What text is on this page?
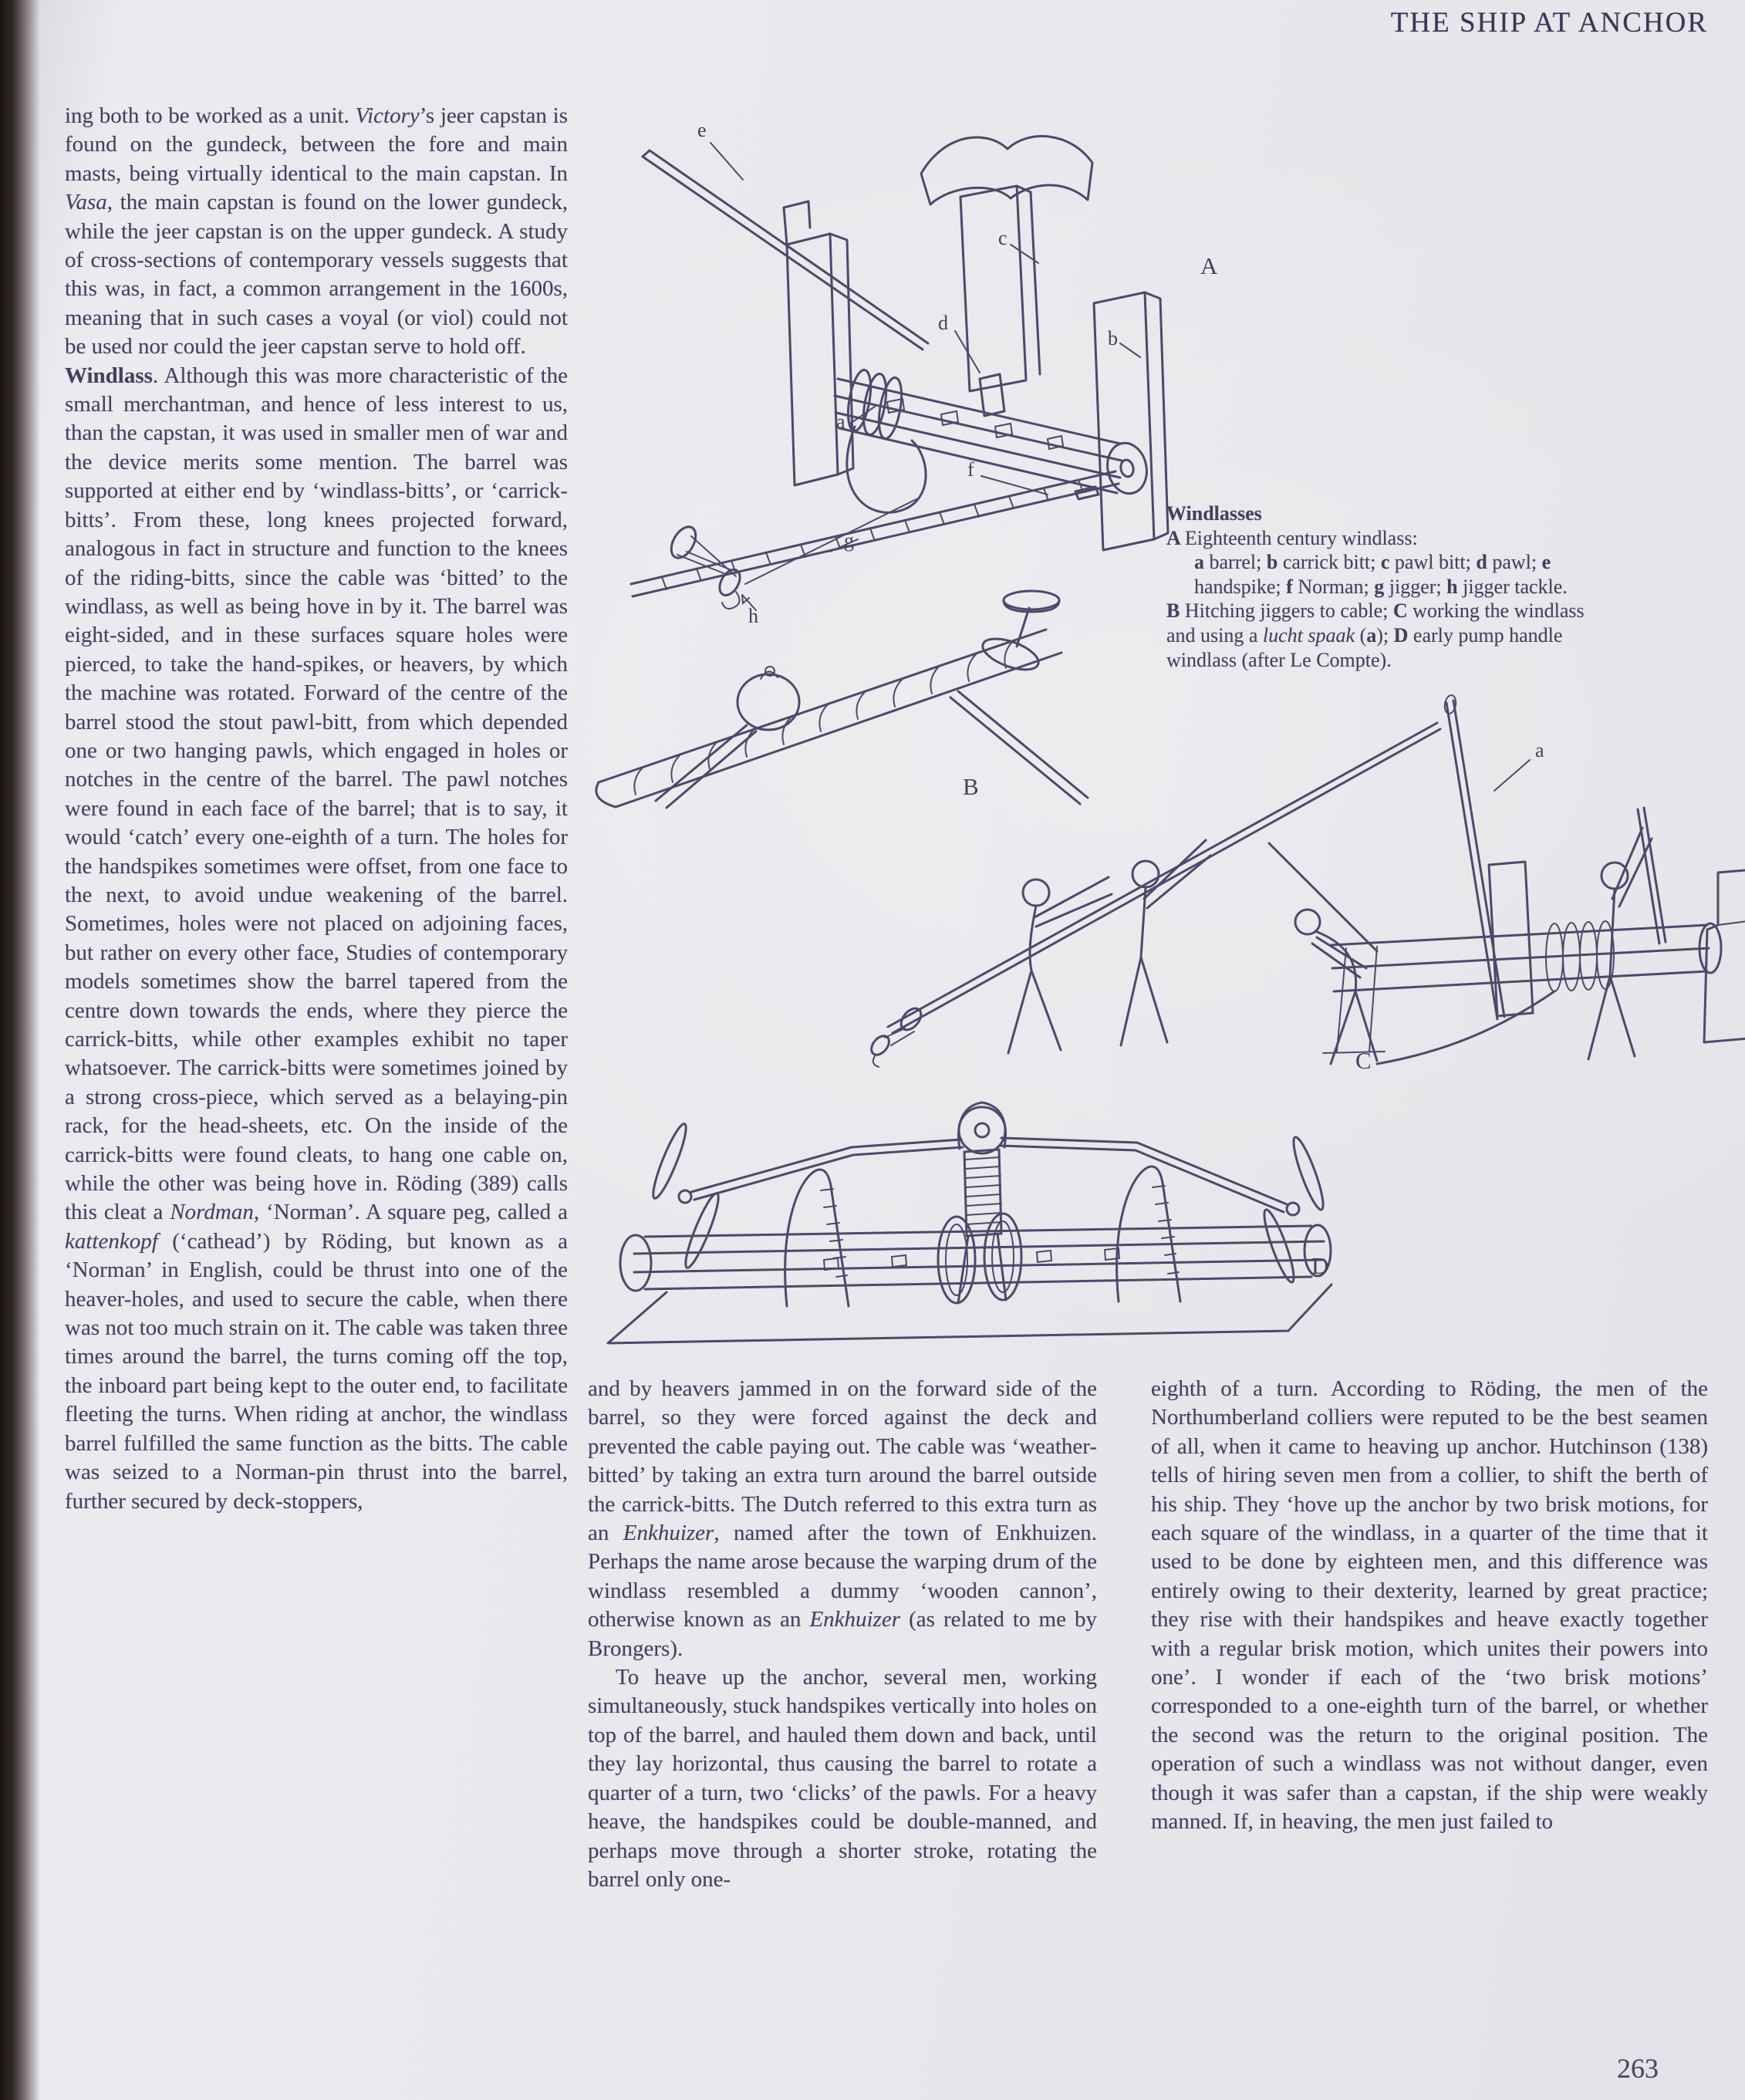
THE SHIP AT ANCHOR

ing both to be worked as a unit. Victory’s jeer capstan is found on the gundeck, between the fore and main masts, being virtually identical to the main capstan. In Vasa, the main capstan is found on the lower gundeck, while the jeer capstan is on the upper gundeck. A study of cross-sections of contemporary vessels suggests that this was, in fact, a common arrangement in the 1600s, meaning that in such cases a voyal (or viol) could not be used nor could the jeer capstan serve to hold off.

Windlass. Although this was more characteristic of the small merchantman, and hence of less interest to us, than the capstan, it was used in smaller men of war and the device merits some mention. The barrel was supported at either end by ‘windlass-bitts’, or ‘carrick-bitts’. From these, long knees projected forward, analogous in fact in structure and function to the knees of the riding-bitts, since the cable was ‘bitted’ to the windlass, as well as being hove in by it. The barrel was eight-sided, and in these surfaces square holes were pierced, to take the hand-spikes, or heavers, by which the machine was rotated. Forward of the centre of the barrel stood the stout pawl-bitt, from which depended one or two hanging pawls, which engaged in holes or notches in the centre of the barrel. The pawl notches were found in each face of the barrel; that is to say, it would ‘catch’ every one-eighth of a turn. The holes for the handspikes sometimes were offset, from one face to the next, to avoid undue weakening of the barrel. Sometimes, holes were not placed on adjoining faces, but rather on every other face, Studies of contemporary models sometimes show the barrel tapered from the centre down towards the ends, where they pierce the carrick-bitts, while other examples exhibit no taper whatsoever. The carrick-bitts were sometimes joined by a strong cross-piece, which served as a belaying-pin rack, for the head-sheets, etc. On the inside of the carrick-bitts were found cleats, to hang one cable on, while the other was being hove in. Röding (389) calls this cleat a Nordman, ‘Norman’. A square peg, called a kattenkopf (‘cathead’) by Röding, but known as a ‘Norman’ in English, could be thrust into one of the heaver-holes, and used to secure the cable, when there was not too much strain on it. The cable was taken three times around the barrel, the turns coming off the top, the inboard part being kept to the outer end, to facilitate fleeting the turns. When riding at anchor, the windlass barrel fulfilled the same function as the bitts. The cable was seized to a Norman-pin thrust into the barrel, further secured by deck-stoppers,

e
c
d
b
a
f
g
h
A
B
Windlasses
A Eighteenth century windlass:
a barrel; b carrick bitt; c pawl bitt; d pawl; e
handspike; f Norman; g jigger; h jigger tackle.
B Hitching jiggers to cable; C working the windlass
and using a lucht spaak (a); D early pump handle
windlass (after Le Compte).
a
C
D

and by heavers jammed in on the forward side of the barrel, so they were forced against the deck and prevented the cable paying out. The cable was ‘weather-bitted’ by taking an extra turn around the barrel outside the carrick-bitts. The Dutch referred to this extra turn as an Enkhuizer, named after the town of Enkhuizen. Perhaps the name arose because the warping drum of the windlass resembled a dummy ‘wooden cannon’, otherwise known as an Enkhuizer (as related to me by Brongers).

To heave up the anchor, several men, working simultaneously, stuck handspikes vertically into holes on top of the barrel, and hauled them down and back, until they lay horizontal, thus causing the barrel to rotate a quarter of a turn, two ‘clicks’ of the pawls. For a heavy heave, the handspikes could be double-manned, and perhaps move through a shorter stroke, rotating the barrel only one-

eighth of a turn. According to Röding, the men of the Northumberland colliers were reputed to be the best seamen of all, when it came to heaving up anchor. Hutchinson (138) tells of hiring seven men from a collier, to shift the berth of his ship. They ‘hove up the anchor by two brisk motions, for each square of the windlass, in a quarter of the time that it used to be done by eighteen men, and this difference was entirely owing to their dexterity, learned by great practice; they rise with their handspikes and heave exactly together with a regular brisk motion, which unites their powers into one’. I wonder if each of the ‘two brisk motions’ corresponded to a one-eighth turn of the barrel, or whether the second was the return to the original position. The operation of such a windlass was not without danger, even though it was safer than a capstan, if the ship were weakly manned. If, in heaving, the men just failed to

263
